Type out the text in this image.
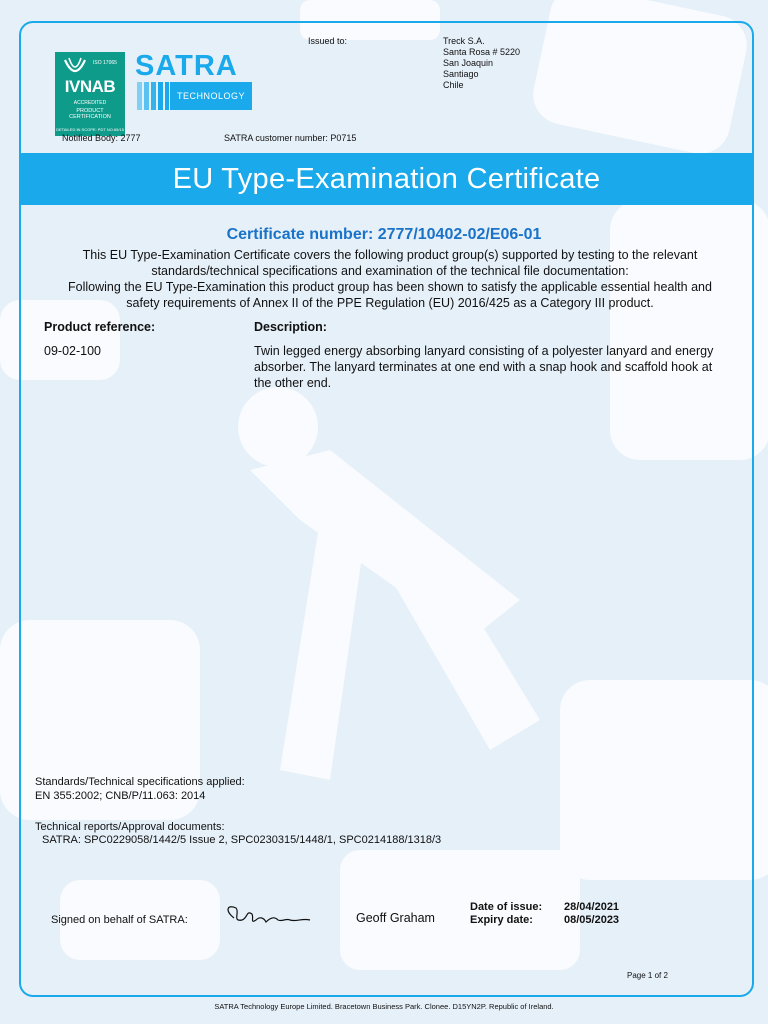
ISO 17065
IVNAB
ACCREDITED
PRODUCT CERTIFICATION
DETAILED IN SCOPE: PDT NO.65/15
SATRA
TECHNOLOGY
Issued to:	Treck S.A.
Santa Rosa # 5220
San Joaquin
Santiago
Chile
Notified Body: 2777	SATRA customer number: P0715
EU Type-Examination Certificate
Certificate number: 2777/10402-02/E06-01
This EU Type-Examination Certificate covers the following product group(s) supported by testing to the relevant
standards/technical specifications and examination of the technical file documentation:
Following the EU Type-Examination this product group has been shown to satisfy the applicable essential health and
safety requirements of Annex II of the PPE Regulation (EU) 2016/425 as a Category III product.
Product reference:	Description:
09-02-100	Twin legged energy absorbing lanyard consisting of a polyester lanyard and energy
absorber. The lanyard terminates at one end with a snap hook and scaffold hook at
the other end.
Standards/Technical specifications applied:
EN 355:2002; CNB/P/11.063: 2014
Technical reports/Approval documents:
SATRA: SPC0229058/1442/5 Issue 2, SPC0230315/1448/1, SPC0214188/1318/3
Signed on behalf of SATRA:	Geoff Graham
Date of issue: 28/04/2021
Expiry date:	08/05/2023
Page 1 of 2
SATRA Technology Europe Limited. Bracetown Business Park. Clonee. D15YN2P. Republic of Ireland.
